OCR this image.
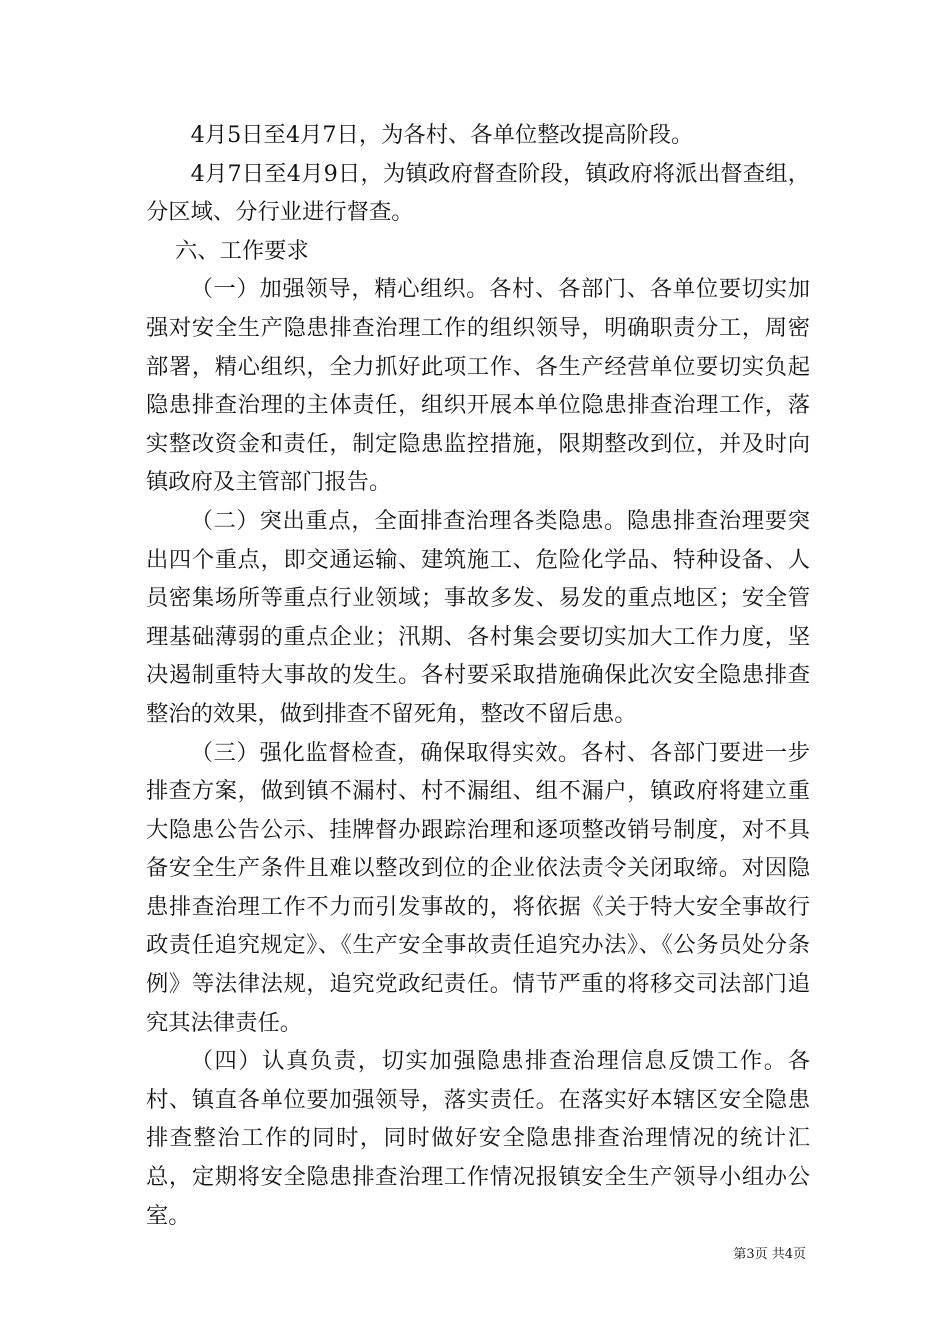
4月5日至4月7日，为各村、各单位整改提高阶段。

4月7日至4月9日，为镇政府督查阶段，镇政府将派出督查组，分区域、分行业进行督查。

六、工作要求

（一）加强领导，精心组织。各村、各部门、各单位要切实加强对安全生产隐患排查治理工作的组织领导，明确职责分工，周密部署，精心组织，全力抓好此项工作、各生产经营单位要切实负起隐患排查治理的主体责任，组织开展本单位隐患排查治理工作，落实整改资金和责任，制定隐患监控措施，限期整改到位，并及时向镇政府及主管部门报告。

（二）突出重点，全面排查治理各类隐患。隐患排查治理要突出四个重点，即交通运输、建筑施工、危险化学品、特种设备、人员密集场所等重点行业领域；事故多发、易发的重点地区；安全管理基础薄弱的重点企业；汛期、各村集会要切实加大工作力度，坚决遏制重特大事故的发生。各村要采取措施确保此次安全隐患排查整治的效果，做到排查不留死角，整改不留后患。

（三）强化监督检查，确保取得实效。各村、各部门要进一步排查方案，做到镇不漏村、村不漏组、组不漏户，镇政府将建立重大隐患公告公示、挂牌督办跟踪治理和逐项整改销号制度，对不具备安全生产条件且难以整改到位的企业依法责令关闭取缔。对因隐患排查治理工作不力而引发事故的，将依据《关于特大安全事故行政责任追究规定》、《生产安全事故责任追究办法》、《公务员处分条例》等法律法规，追究党政纪责任。情节严重的将移交司法部门追究其法律责任。

（四）认真负责，切实加强隐患排查治理信息反馈工作。各村、镇直各单位要加强领导，落实责任。在落实好本辖区安全隐患排查整治工作的同时，同时做好安全隐患排查治理情况的统计汇总，定期将安全隐患排查治理工作情况报镇安全生产领导小组办公室。

第3页 共4页
